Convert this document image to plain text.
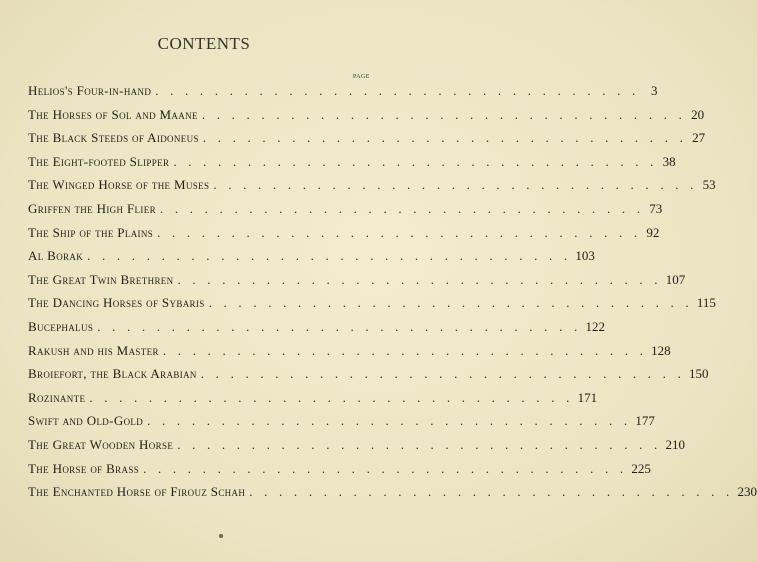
CONTENTS
PAGE
Helios's Four-in-hand . . . . . . . . . . . . . . . . . . . . . . . . . . . . . . . . . 3
The Horses of Sol and Maane . . . . . . . . . . . . . . . . . . . . . . . . . . . . . . . . . 20
The Black Steeds of Aidoneus . . . . . . . . . . . . . . . . . . . . . . . . . . . . . . . . . 27
The Eight-footed Slipper . . . . . . . . . . . . . . . . . . . . . . . . . . . . . . . . . 38
The Winged Horse of the Muses . . . . . . . . . . . . . . . . . . . . . . . . . . . . . . . . . 53
Griffen the High Flier . . . . . . . . . . . . . . . . . . . . . . . . . . . . . . . . . 73
The Ship of the Plains . . . . . . . . . . . . . . . . . . . . . . . . . . . . . . . . . 92
Al Borak . . . . . . . . . . . . . . . . . . . . . . . . . . . . . . . . . 103
The Great Twin Brethren . . . . . . . . . . . . . . . . . . . . . . . . . . . . . . . . . 107
The Dancing Horses of Sybaris . . . . . . . . . . . . . . . . . . . . . . . . . . . . . . . . . 115
Bucephalus . . . . . . . . . . . . . . . . . . . . . . . . . . . . . . . . . 122
Rakush and his Master . . . . . . . . . . . . . . . . . . . . . . . . . . . . . . . . . 128
Broiefort, the Black Arabian . . . . . . . . . . . . . . . . . . . . . . . . . . . . . . . . . 150
Rozinante . . . . . . . . . . . . . . . . . . . . . . . . . . . . . . . . . 171
Swift and Old-Gold . . . . . . . . . . . . . . . . . . . . . . . . . . . . . . . . . 177
The Great Wooden Horse . . . . . . . . . . . . . . . . . . . . . . . . . . . . . . . . . 210
The Horse of Brass . . . . . . . . . . . . . . . . . . . . . . . . . . . . . . . . . 225
The Enchanted Horse of Firouz Schah . . . . . . . . . . . . . . . . . . . . . . . . . . . . . . . . . 230
